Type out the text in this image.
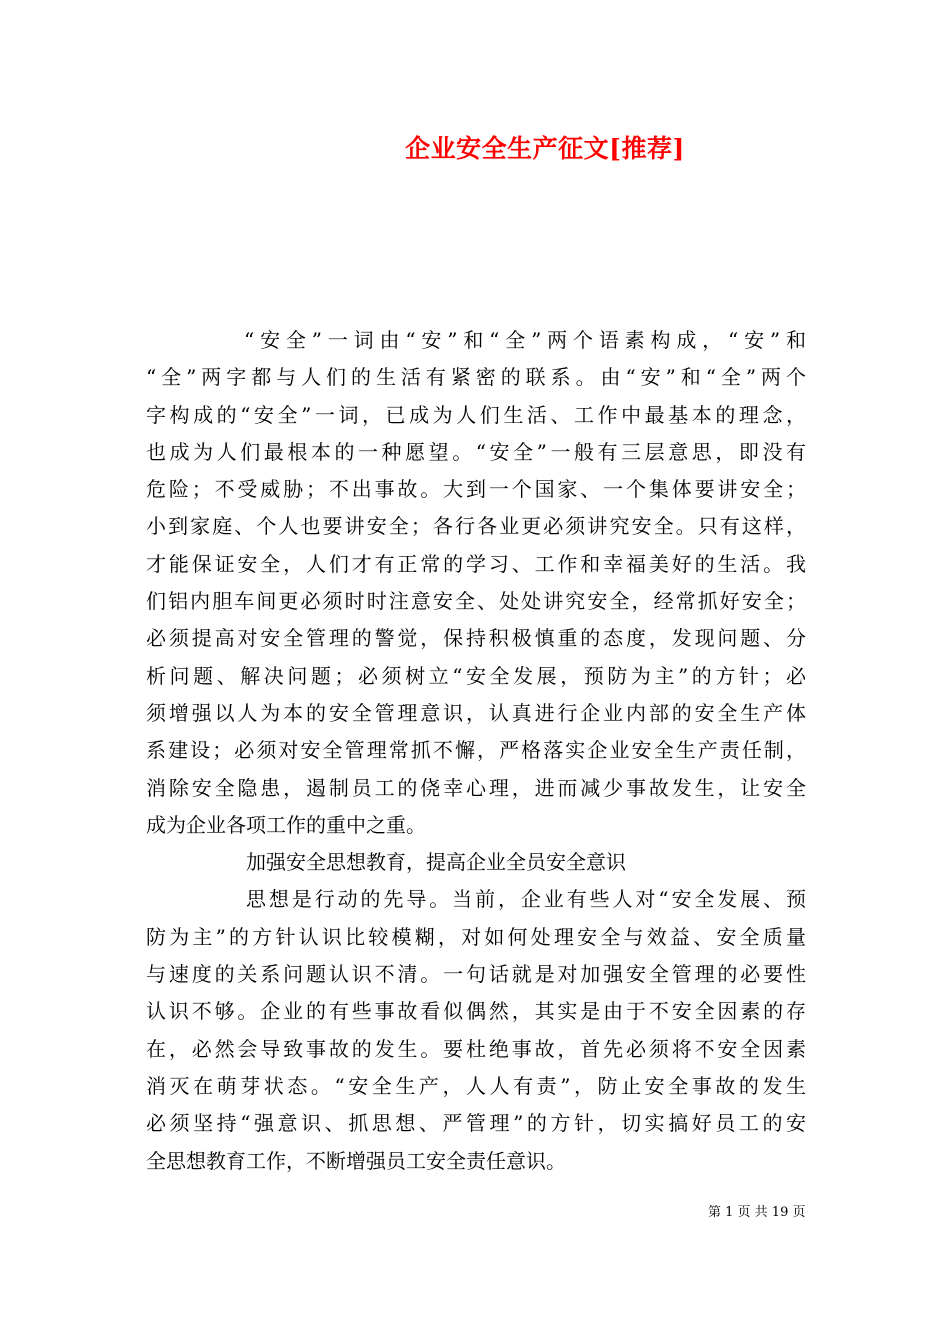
企业安全生产征文[推荐]
“安全”一词由“安”和“全”两个语素构成，“安”和
“全”两字都与人们的生活有紧密的联系。由“安”和“全”两个
字构成的“安全”一词，已成为人们生活、工作中最基本的理念，
也成为人们最根本的一种愿望。“安全”一般有三层意思，即没有
危险；不受威胁；不出事故。大到一个国家、一个集体要讲安全；
小到家庭、个人也要讲安全；各行各业更必须讲究安全。只有这样，
才能保证安全，人们才有正常的学习、工作和幸福美好的生活。我
们铝内胆车间更必须时时注意安全、处处讲究安全，经常抓好安全；
必须提高对安全管理的警觉，保持积极慎重的态度，发现问题、分
析问题、解决问题；必须树立“安全发展，预防为主”的方针；必
须增强以人为本的安全管理意识，认真进行企业内部的安全生产体
系建设；必须对安全管理常抓不懈，严格落实企业安全生产责任制，
消除安全隐患，遏制员工的侥幸心理，进而减少事故发生，让安全
成为企业各项工作的重中之重。
加强安全思想教育，提高企业全员安全意识
思想是行动的先导。当前，企业有些人对“安全发展、预
防为主”的方针认识比较模糊，对如何处理安全与效益、安全质量
与速度的关系问题认识不清。一句话就是对加强安全管理的必要性
认识不够。企业的有些事故看似偶然，其实是由于不安全因素的存
在，必然会导致事故的发生。要杜绝事故，首先必须将不安全因素
消灭在萌芽状态。“安全生产，人人有责”，防止安全事故的发生
必须坚持“强意识、抓思想、严管理”的方针，切实搞好员工的安
全思想教育工作，不断增强员工安全责任意识。
第 1 页 共 19 页
